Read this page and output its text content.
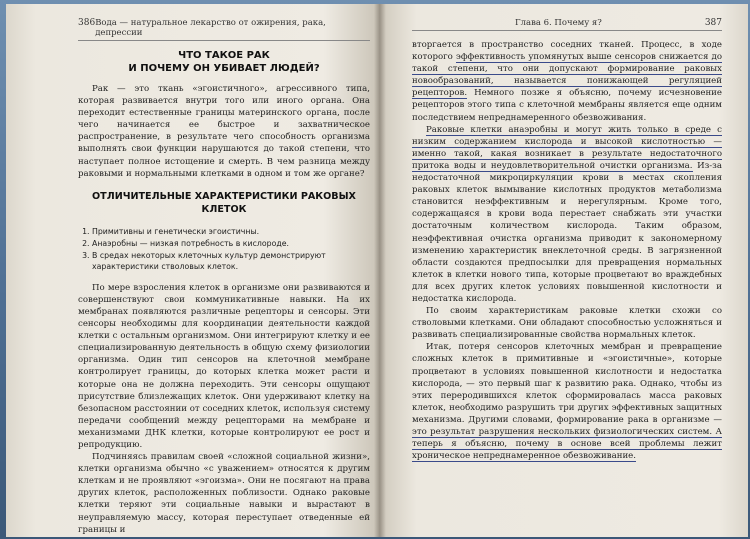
386 Вода — натуральное лекарство от ожирения, рака, депрессии
ЧТО ТАКОЕ РАК
И ПОЧЕМУ ОН УБИВАЕТ ЛЮДЕЙ?

Рак — это ткань «эгоистичного», агрессивного типа, которая развивается внутри того или иного органа. Она переходит естественные границы материнского органа, после чего начинается ее быстрое и захватническое распространение, в результате чего способность организма выполнять свои функции нарушаются до такой степени, что наступает полное истощение и смерть. В чем разница между раковыми и нормальными клетками в одном и том же органе?

ОТЛИЧИТЕЛЬНЫЕ ХАРАКТЕРИСТИКИ РАКОВЫХ КЛЕТОК
1. Примитивны и генетически эгоистичны.
2. Анаэробны — низкая потребность в кислороде.
3. В средах некоторых клеточных культур демонстрируют характеристики стволовых клеток.

По мере взросления клеток в организме они развиваются и совершенствуют свои коммуникативные навыки. На их мембранах появляются различные рецепторы и сенсоры. Эти сенсоры необходимы для координации деятельности каждой клетки с остальным организмом. Они интегрируют клетку и ее специализированную деятельность в общую схему физиологии организма. Один тип сенсоров на клеточной мембране контролирует границы, до которых клетка может расти и которые она не должна переходить. Эти сенсоры ощущают присутствие близлежащих клеток. Они удерживают клетку на безопасном расстоянии от соседних клеток, используя систему передачи сообщений между рецепторами на мембране и механизмами ДНК клетки, которые контролируют ее рост и репродукцию.

Подчиняясь правилам своей «сложной социальной жизни», клетки организма обычно «с уважением» относятся к другим клеткам и не проявляют «эгоизма». Они не посягают на права других клеток, расположенных поблизости. Однако раковые клетки теряют эти социальные навыки и вырастают в неуправляемую массу, которая переступает отведенные ей границы и

Глава 6. Почему я?	387

вторгается в пространство соседних тканей. Процесс, в ходе которого эффективность упомянутых выше сенсоров снижается до такой степени, что они допускают формирование раковых новообразований, называется понижающей регуляцией рецепторов. Немного позже я объясню, почему исчезновение рецепторов этого типа с клеточной мембраны является еще одним последствием непреднамеренного обезвоживания.

Раковые клетки анаэробны и могут жить только в среде с низким содержанием кислорода и высокой кислотностью — именно такой, какая возникает в результате недостаточного притока воды и неудовлетворительной очистки организма. Из-за недостаточной микроциркуляции крови в местах скопления раковых клеток вымывание кислотных продуктов метаболизма становится неэффективным и нерегулярным. Кроме того, содержащаяся в крови вода перестает снабжать эти участки достаточным количеством кислорода. Таким образом, неэффективная очистка организма приводит к закономерному изменению характеристик внеклеточной среды. В загрязненной области создаются предпосылки для превращения нормальных клеток в клетки нового типа, которые процветают во враждебных для всех других клеток условиях повышенной кислотности и недостатка кислорода.

По своим характеристикам раковые клетки схожи со стволовыми клетками. Они обладают способностью усложняться и развивать специализированные свойства нормальных клеток.

Итак, потеря сенсоров клеточных мембран и превращение сложных клеток в примитивные и «эгоистичные», которые процветают в условиях повышенной кислотности и недостатка кислорода, — это первый шаг к развитию рака. Однако, чтобы из этих переродившихся клеток сформировалась масса раковых клеток, необходимо разрушить три других эффективных защитных механизма. Другими словами, формирование рака в организме — это результат разрушения нескольких физиологических систем. А теперь я объясню, почему в основе всей проблемы лежит хроническое непреднамеренное обезвоживание.
